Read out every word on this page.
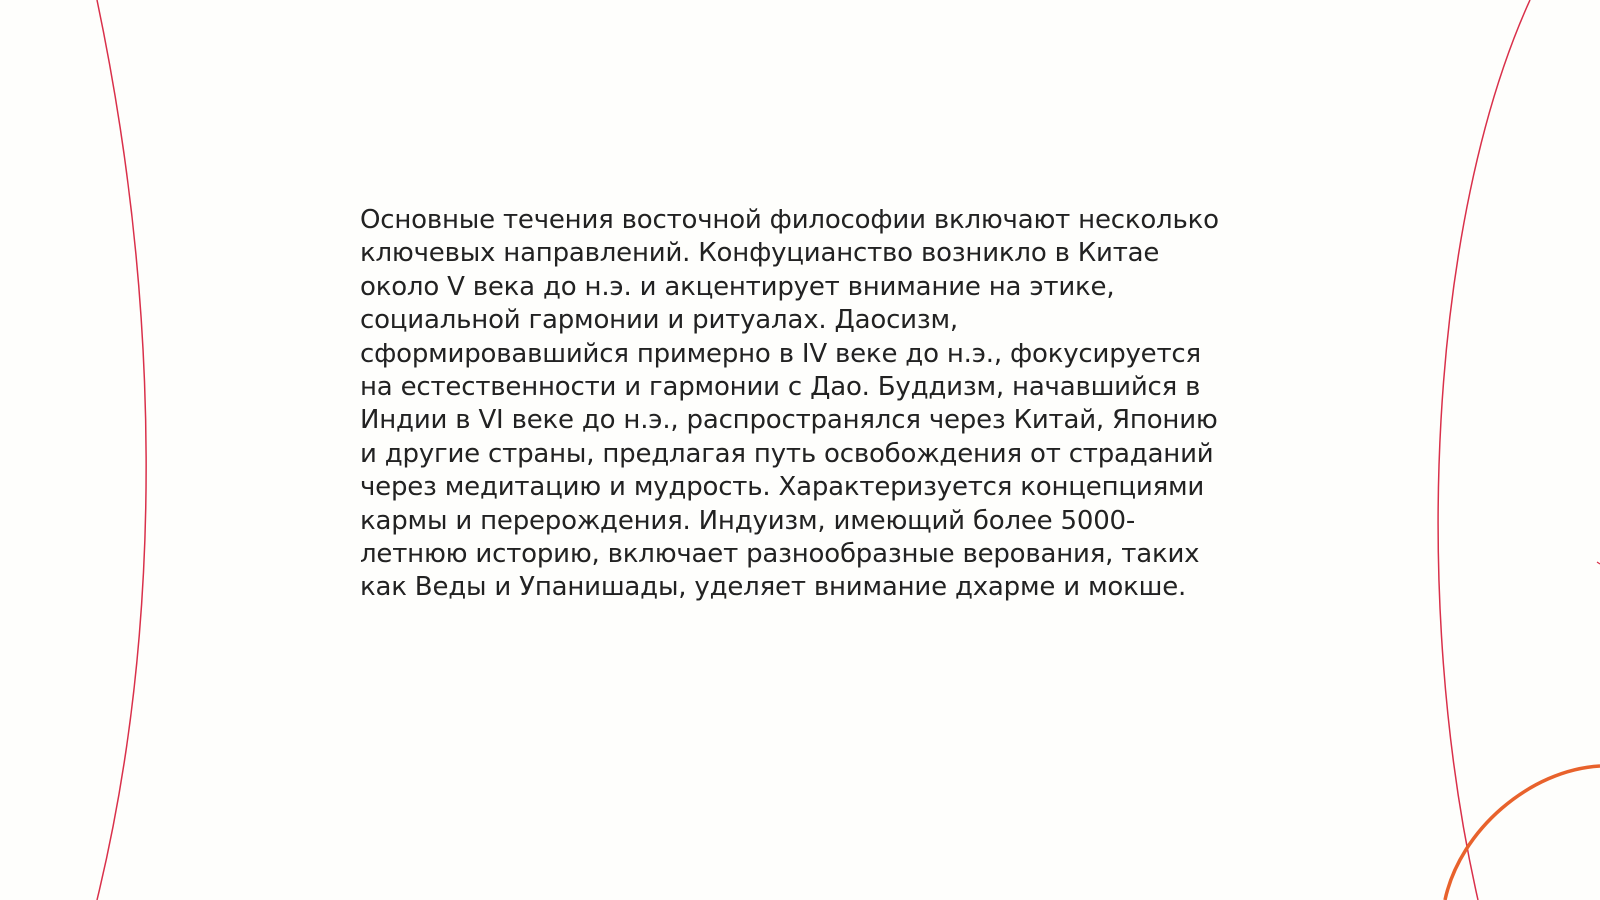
Основные течения восточной философии включают несколько
ключевых направлений. Конфуцианство возникло в Китае
около V века до н.э. и акцентирует внимание на этике,
социальной гармонии и ритуалах. Даосизм,
сформировавшийся примерно в IV веке до н.э., фокусируется
на естественности и гармонии с Дао. Буддизм, начавшийся в
Индии в VI веке до н.э., распространялся через Китай, Японию
и другие страны, предлагая путь освобождения от страданий
через медитацию и мудрость. Характеризуется концепциями
кармы и перерождения. Индуизм, имеющий более 5000-
летнюю историю, включает разнообразные верования, таких
как Веды и Упанишады, уделяет внимание дхарме и мокше.
